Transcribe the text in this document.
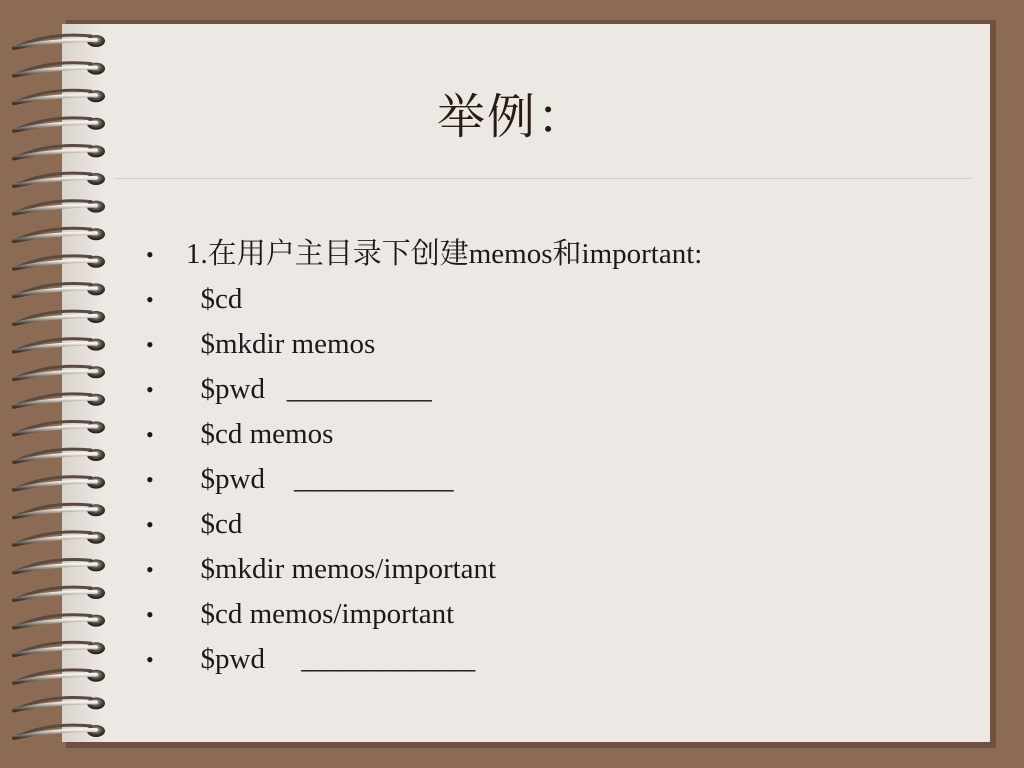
举例：
• 1.在用户主目录下创建memos和important:
•  $cd
•  $mkdir memos
•  $pwd   __________
•  $cd memos
•  $pwd    ___________
•  $cd
•  $mkdir memos/important
•  $cd memos/important
•  $pwd     ____________
